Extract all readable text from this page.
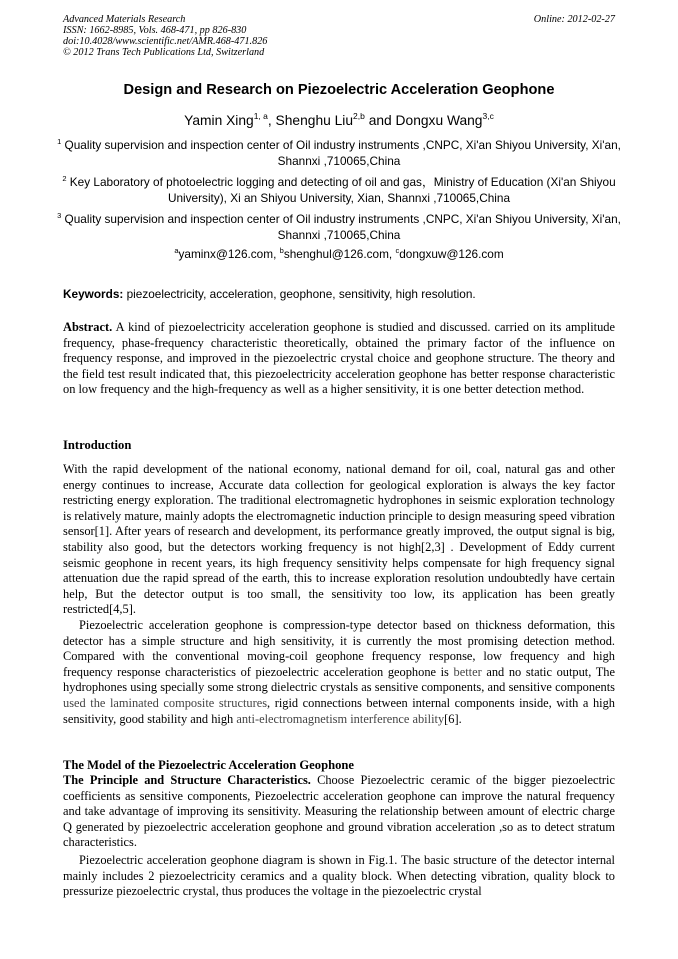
Advanced Materials Research
ISSN: 1662-8985, Vols. 468-471, pp 826-830
doi:10.4028/www.scientific.net/AMR.468-471.826
© 2012 Trans Tech Publications Ltd, Switzerland
Online: 2012-02-27
Design and Research on Piezoelectric Acceleration Geophone
Yamin Xing$^{1, a}$, Shenghu Liu$^{2,b}$ and Dongxu Wang$^{3,c}$
$^1$ Quality supervision and inspection center of Oil industry instruments ,CNPC, Xi'an Shiyou University, Xi'an, Shannxi ,710065,China
$^2$ Key Laboratory of photoelectric logging and detecting of oil and gas，Ministry of Education (Xi'an Shiyou University), Xi an Shiyou University, Xian, Shannxi ,710065,China
$^3$ Quality supervision and inspection center of Oil industry instruments ,CNPC, Xi'an Shiyou University, Xi'an, Shannxi ,710065,China
$^a$yaminx@126.com, $^b$shenghul@126.com, $^c$dongxuw@126.com
Keywords: piezoelectricity, acceleration, geophone, sensitivity, high resolution.
Abstract. A kind of piezoelectricity acceleration geophone is studied and discussed. carried on its amplitude frequency, phase-frequency characteristic theoretically, obtained the primary factor of the influence on frequency response, and improved in the piezoelectric crystal choice and geophone structure. The theory and the field test result indicated that, this piezoelectricity acceleration geophone has better response characteristic on low frequency and the high-frequency as well as a higher sensitivity, it is one better detection method.
Introduction
With the rapid development of the national economy, national demand for oil, coal, natural gas and other energy continues to increase, Accurate data collection for geological exploration is always the key factor restricting energy exploration. The traditional electromagnetic hydrophones in seismic exploration technology is relatively mature, mainly adopts the electromagnetic induction principle to design measuring speed vibration sensor[1]. After years of research and development, its performance greatly improved, the output signal is big, stability also good, but the detectors working frequency is not high[2,3] . Development of Eddy current seismic geophone in recent years, its high frequency sensitivity helps compensate for high frequency signal attenuation due the rapid spread of the earth, this to increase exploration resolution undoubtedly have certain help, But the detector output is too small, the sensitivity too low, its application has been greatly restricted[4,5].
Piezoelectric acceleration geophone is compression-type detector based on thickness deformation, this detector has a simple structure and high sensitivity, it is currently the most promising detection method. Compared with the conventional moving-coil geophone frequency response, low frequency and high frequency response characteristics of piezoelectric acceleration geophone is better and no static output, The hydrophones using specially some strong dielectric crystals as sensitive components, and sensitive components used the laminated composite structures, rigid connections between internal components inside, with a high sensitivity, good stability and high anti-electromagnetism interference ability[6].
The Model of the Piezoelectric Acceleration Geophone
The Principle and Structure Characteristics. Choose Piezoelectric ceramic of the bigger piezoelectric coefficients as sensitive components, Piezoelectric acceleration geophone can improve the natural frequency and take advantage of improving its sensitivity. Measuring the relationship between amount of electric charge Q generated by piezoelectric acceleration geophone and ground vibration acceleration ,so as to detect stratum characteristics.
Piezoelectric acceleration geophone diagram is shown in Fig.1. The basic structure of the detector internal mainly includes 2 piezoelectricity ceramics and a quality block. When detecting vibration, quality block to pressurize piezoelectric crystal, thus produces the voltage in the piezoelectric crystal
